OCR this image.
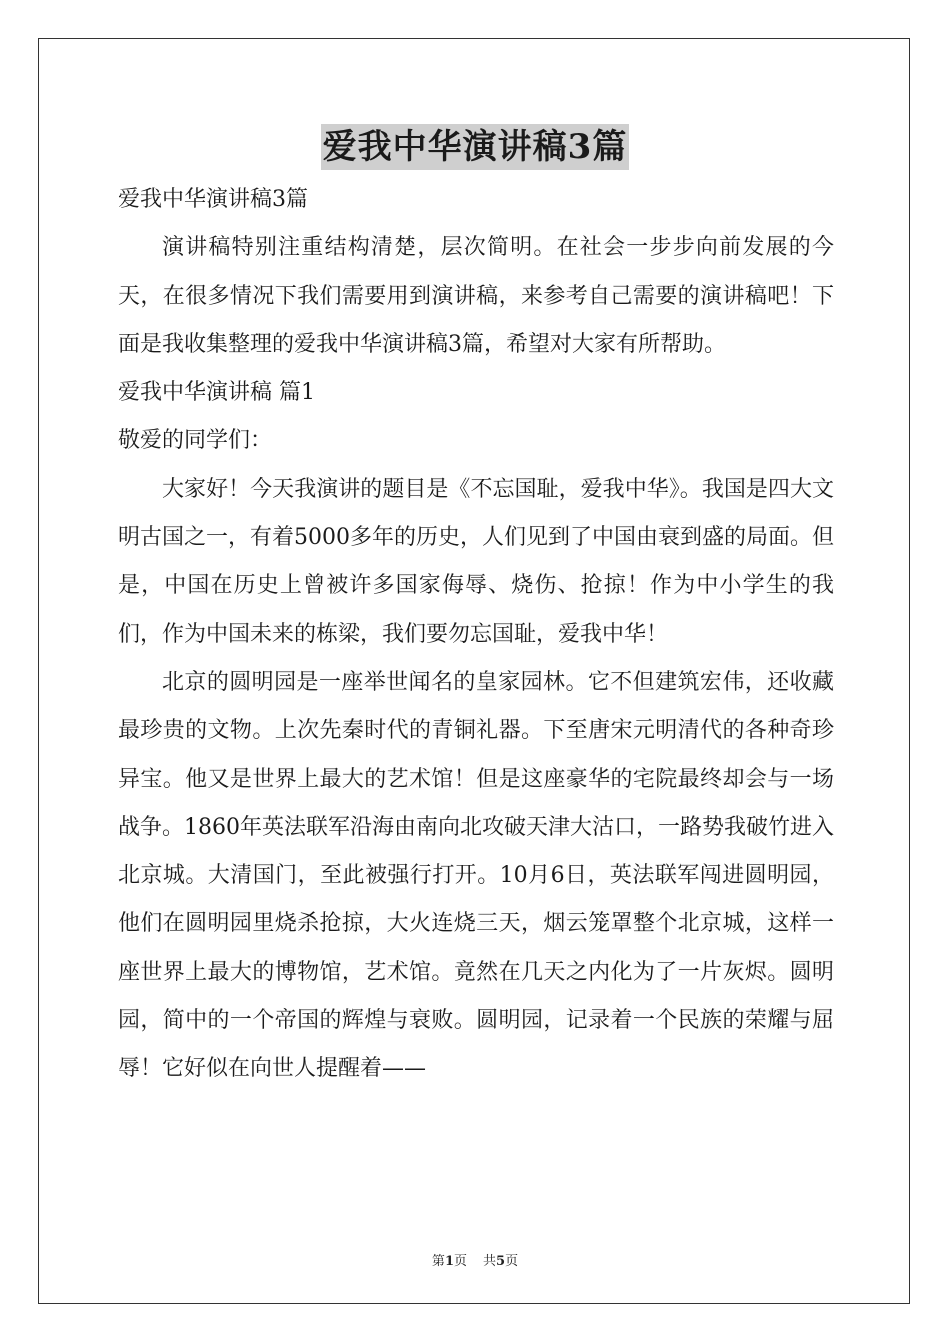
爱我中华演讲稿3篇

爱我中华演讲稿3篇

演讲稿特别注重结构清楚，层次简明。在社会一步步向前发展的今天，在很多情况下我们需要用到演讲稿，来参考自己需要的演讲稿吧！下面是我收集整理的爱我中华演讲稿3篇，希望对大家有所帮助。

爱我中华演讲稿 篇1

敬爱的同学们：

大家好！今天我演讲的题目是《不忘国耻，爱我中华》。我国是四大文明古国之一，有着5000多年的历史，人们见到了中国由衰到盛的局面。但是，中国在历史上曾被许多国家侮辱、烧伤、抢掠！作为中小学生的我们，作为中国未来的栋梁，我们要勿忘国耻，爱我中华！

北京的圆明园是一座举世闻名的皇家园林。它不但建筑宏伟，还收藏最珍贵的文物。上次先秦时代的青铜礼器。下至唐宋元明清代的各种奇珍异宝。他又是世界上最大的艺术馆！但是这座豪华的宅院最终却会与一场战争。1860年英法联军沿海由南向北攻破天津大沽口，一路势我破竹进入北京城。大清国门，至此被强行打开。10月6日，英法联军闯进圆明园，他们在圆明园里烧杀抢掠，大火连烧三天，烟云笼罩整个北京城，这样一座世界上最大的博物馆，艺术馆。竟然在几天之内化为了一片灰烬。圆明园，简中的一个帝国的辉煌与衰败。圆明园，记录着一个民族的荣耀与屈辱！它好似在向世人提醒着——

第1页 共5页
